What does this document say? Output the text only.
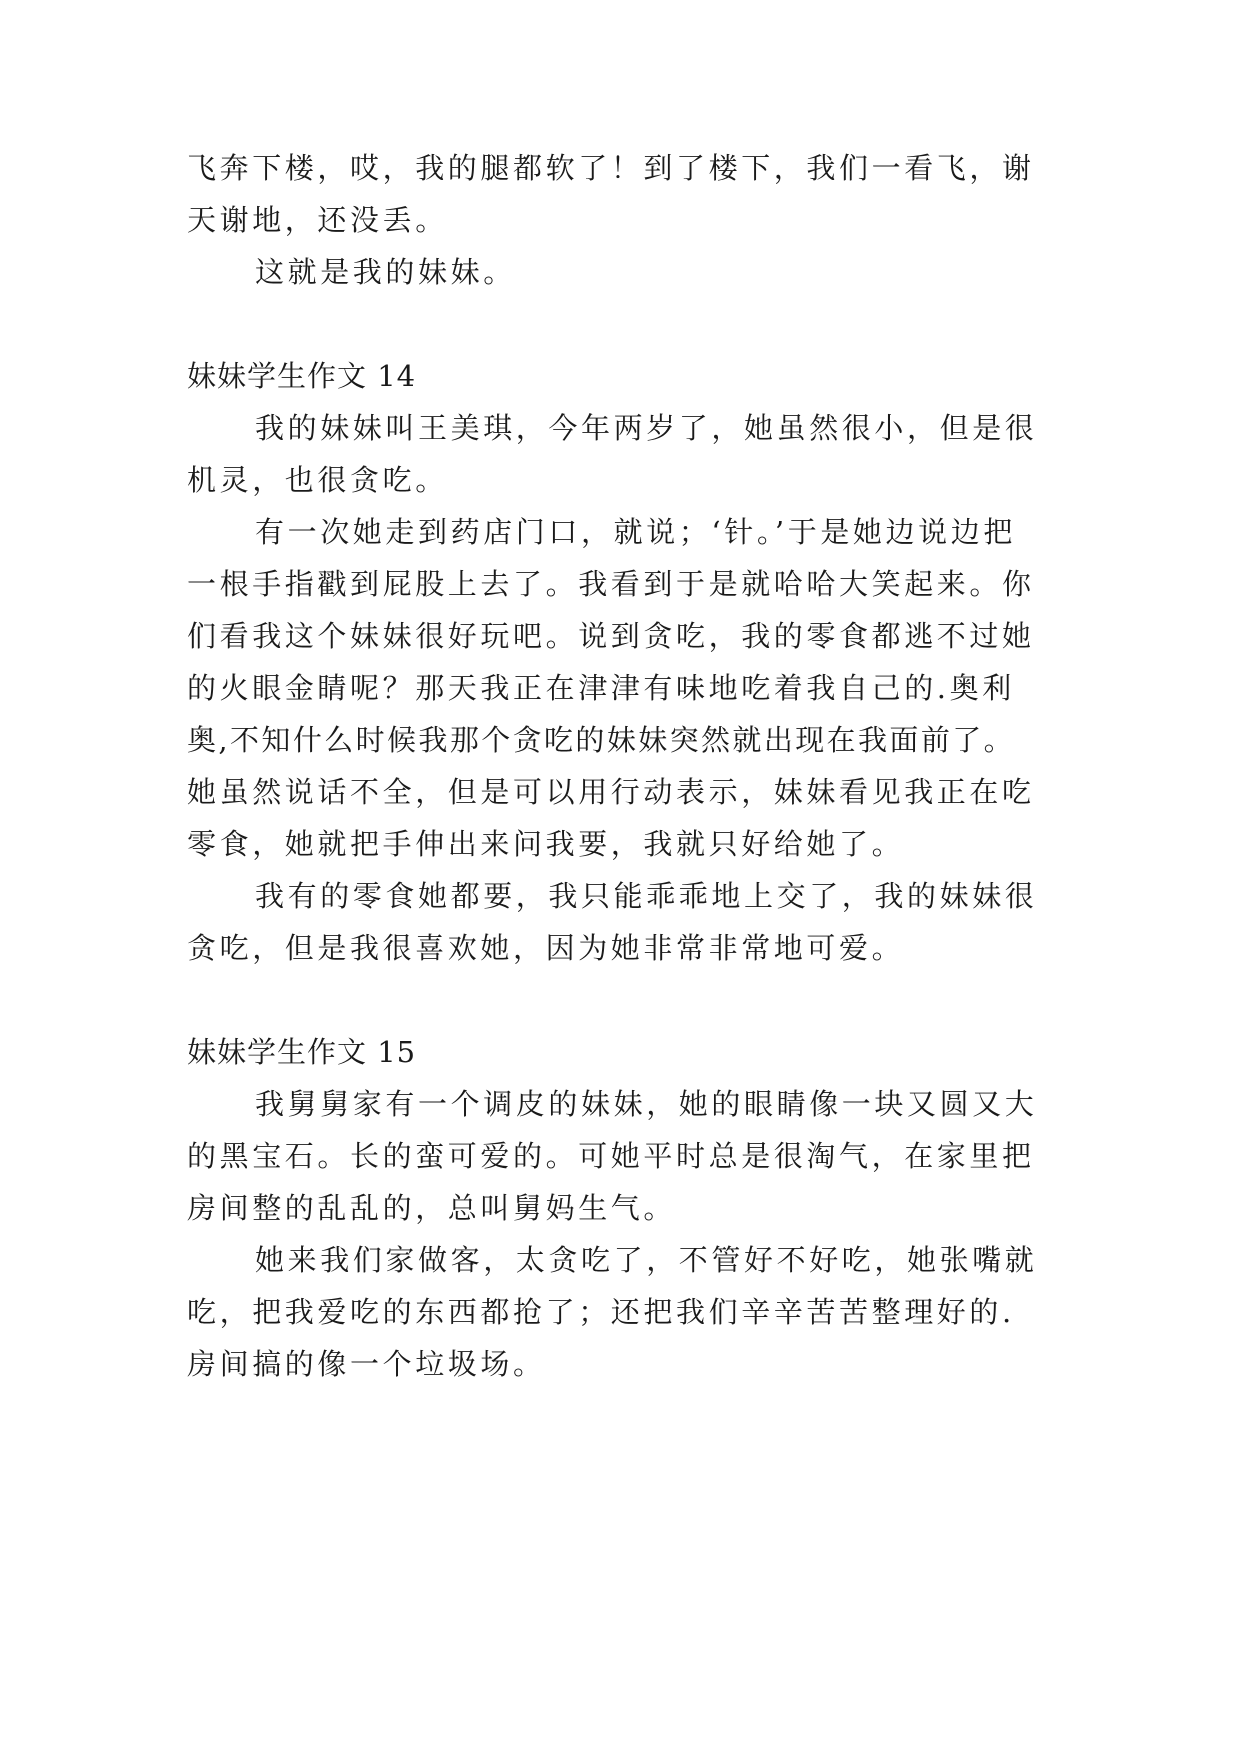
飞奔下楼，哎，我的腿都软了！到了楼下，我们一看飞，谢
天谢地，还没丢。
这就是我的妹妹。
妹妹学生作文 14
我的妹妹叫王美琪，今年两岁了，她虽然很小，但是很
机灵，也很贪吃。
有一次她走到药店门口，就说；‘针。’于是她边说边把
一根手指戳到屁股上去了。我看到于是就哈哈大笑起来。你
们看我这个妹妹很好玩吧。说到贪吃，我的零食都逃不过她
的火眼金睛呢？那天我正在津津有味地吃着我自己的.奥利
奥,不知什么时候我那个贪吃的妹妹突然就出现在我面前了。
她虽然说话不全，但是可以用行动表示，妹妹看见我正在吃
零食，她就把手伸出来问我要，我就只好给她了。
我有的零食她都要，我只能乖乖地上交了，我的妹妹很
贪吃，但是我很喜欢她，因为她非常非常地可爱。
妹妹学生作文 15
我舅舅家有一个调皮的妹妹，她的眼睛像一块又圆又大
的黑宝石。长的蛮可爱的。可她平时总是很淘气，在家里把
房间整的乱乱的，总叫舅妈生气。
她来我们家做客，太贪吃了，不管好不好吃，她张嘴就
吃，把我爱吃的东西都抢了；还把我们辛辛苦苦整理好的.
房间搞的像一个垃圾场。
